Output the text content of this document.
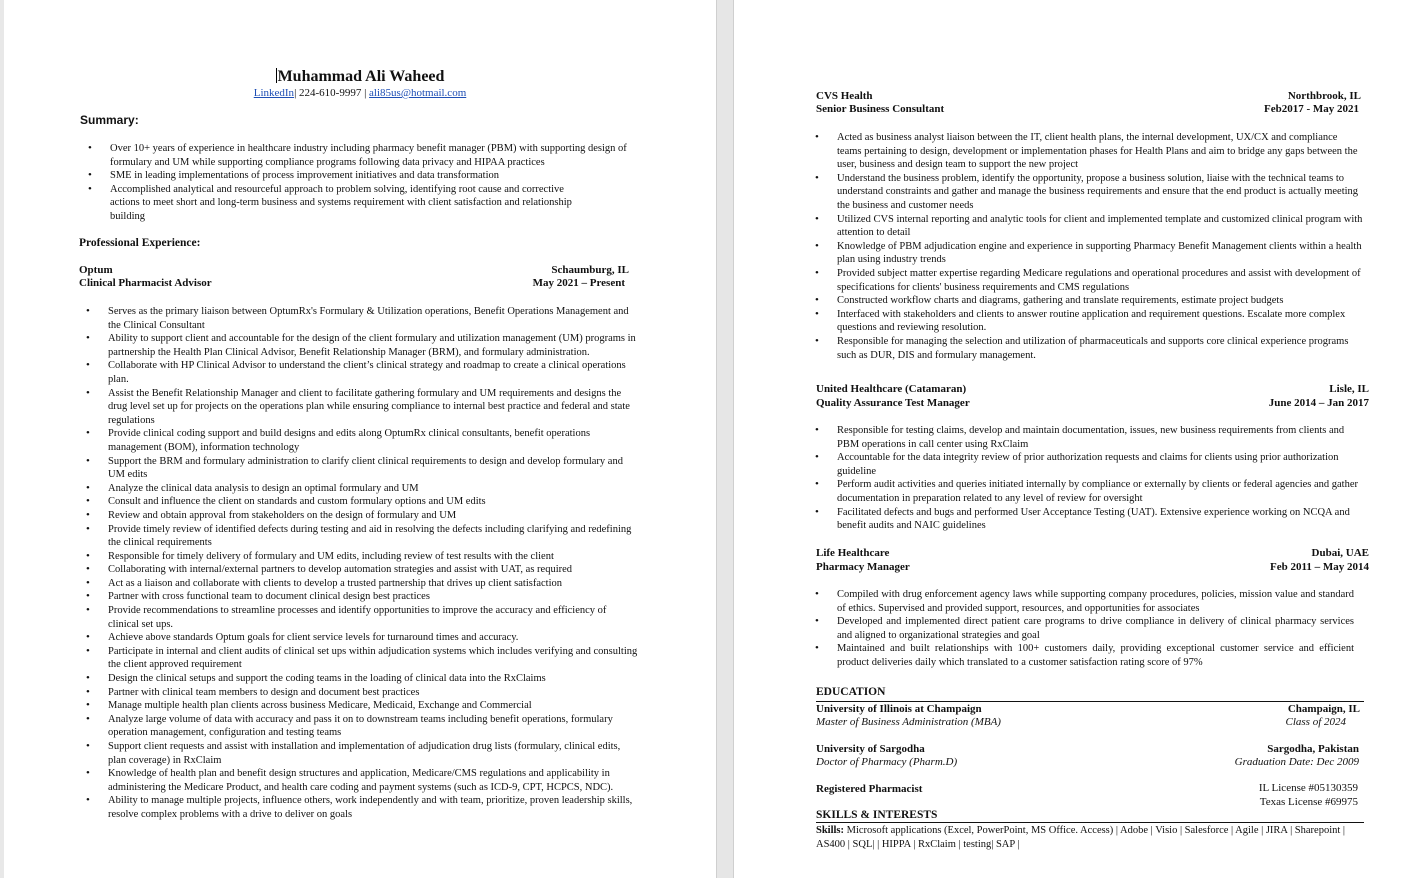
Muhammad Ali Waheed
LinkedIn| 224-610-9997 | ali85us@hotmail.com
Summary:
• Over 10+ years of experience in healthcare industry including pharmacy benefit manager (PBM) with supporting design of formulary and UM while supporting compliance programs following data privacy and HIPAA practices
• SME in leading implementations of process improvement initiatives and data transformation
• Accomplished analytical and resourceful approach to problem solving, identifying root cause and corrective actions to meet short and long-term business and systems requirement with client satisfaction and relationship building
Professional Experience:
Optum	Schaumburg, IL
Clinical Pharmacist Advisor	May 2021 – Present
• Serves as the primary liaison between OptumRx's Formulary & Utilization operations, Benefit Operations Management and the Clinical Consultant
• Ability to support client and accountable for the design of the client formulary and utilization management (UM) programs in partnership the Health Plan Clinical Advisor, Benefit Relationship Manager (BRM), and formulary administration.
• Collaborate with HP Clinical Advisor to understand the client’s clinical strategy and roadmap to create a clinical operations plan.
• Assist the Benefit Relationship Manager and client to facilitate gathering formulary and UM requirements and designs the drug level set up for projects on the operations plan while ensuring compliance to internal best practice and federal and state regulations
• Provide clinical coding support and build designs and edits along OptumRx clinical consultants, benefit operations management (BOM), information technology
• Support the BRM and formulary administration to clarify client clinical requirements to design and develop formulary and UM edits
• Analyze the clinical data analysis to design an optimal formulary and UM
• Consult and influence the client on standards and custom formulary options and UM edits
• Review and obtain approval from stakeholders on the design of formulary and UM
• Provide timely review of identified defects during testing and aid in resolving the defects including clarifying and redefining the clinical requirements
• Responsible for timely delivery of formulary and UM edits, including review of test results with the client
• Collaborating with internal/external partners to develop automation strategies and assist with UAT, as required
• Act as a liaison and collaborate with clients to develop a trusted partnership that drives up client satisfaction
• Partner with cross functional team to document clinical design best practices
• Provide recommendations to streamline processes and identify opportunities to improve the accuracy and efficiency of clinical set ups.
• Achieve above standards Optum goals for client service levels for turnaround times and accuracy.
• Participate in internal and client audits of clinical set ups within adjudication systems which includes verifying and consulting the client approved requirement
• Design the clinical setups and support the coding teams in the loading of clinical data into the RxClaims
• Partner with clinical team members to design and document best practices
• Manage multiple health plan clients across business Medicare, Medicaid, Exchange and Commercial
• Analyze large volume of data with accuracy and pass it on to downstream teams including benefit operations, formulary operation management, configuration and testing teams
• Support client requests and assist with installation and implementation of adjudication drug lists (formulary, clinical edits, plan coverage) in RxClaim
• Knowledge of health plan and benefit design structures and application, Medicare/CMS regulations and applicability in administering the Medicare Product, and health care coding and payment systems (such as ICD-9, CPT, HCPCS, NDC).
• Ability to manage multiple projects, influence others, work independently and with team, prioritize, proven leadership skills, resolve complex problems with a drive to deliver on goals
CVS Health	Northbrook, IL
Senior Business Consultant	Feb2017 - May 2021
• Acted as business analyst liaison between the IT, client health plans, the internal development, UX/CX and compliance teams pertaining to design, development or implementation phases for Health Plans and aim to bridge any gaps between the user, business and design team to support the new project
• Understand the business problem, identify the opportunity, propose a business solution, liaise with the technical teams to understand constraints and gather and manage the business requirements and ensure that the end product is actually meeting the business and customer needs
• Utilized CVS internal reporting and analytic tools for client and implemented template and customized clinical program with attention to detail
• Knowledge of PBM adjudication engine and experience in supporting Pharmacy Benefit Management clients within a health plan using industry trends
• Provided subject matter expertise regarding Medicare regulations and operational procedures and assist with development of specifications for clients' business requirements and CMS regulations
• Constructed workflow charts and diagrams, gathering and translate requirements, estimate project budgets
• Interfaced with stakeholders and clients to answer routine application and requirement questions. Escalate more complex questions and reviewing resolution.
• Responsible for managing the selection and utilization of pharmaceuticals and supports core clinical experience programs such as DUR, DIS and formulary management.
United Healthcare (Catamaran)	Lisle, IL
Quality Assurance Test Manager	June 2014 – Jan 2017
• Responsible for testing claims, develop and maintain documentation, issues, new business requirements from clients and PBM operations in call center using RxClaim
• Accountable for the data integrity review of prior authorization requests and claims for clients using prior authorization guideline
• Perform audit activities and queries initiated internally by compliance or externally by clients or federal agencies and gather documentation in preparation related to any level of review for oversight
• Facilitated defects and bugs and performed User Acceptance Testing (UAT). Extensive experience working on NCQA and benefit audits and NAIC guidelines
Life Healthcare	Dubai, UAE
Pharmacy Manager	Feb 2011 – May 2014
• Compiled with drug enforcement agency laws while supporting company procedures, policies, mission value and standard of ethics. Supervised and provided support, resources, and opportunities for associates
• Developed and implemented direct patient care programs to drive compliance in delivery of clinical pharmacy services and aligned to organizational strategies and goal
• Maintained and built relationships with 100+ customers daily, providing exceptional customer service and efficient product deliveries daily which translated to a customer satisfaction rating score of 97%
EDUCATION
University of Illinois at Champaign	Champaign, IL
Master of Business Administration (MBA)	Class of 2024
University of Sargodha	Sargodha, Pakistan
Doctor of Pharmacy (Pharm.D)	Graduation Date: Dec 2009
Registered Pharmacist	IL License #05130359
Texas License #69975
SKILLS & INTERESTS
Skills: Microsoft applications (Excel, PowerPoint, MS Office. Access) | Adobe | Visio | Salesforce | Agile | JIRA | Sharepoint | AS400 | SQL| | HIPPA | RxClaim | testing| SAP |
